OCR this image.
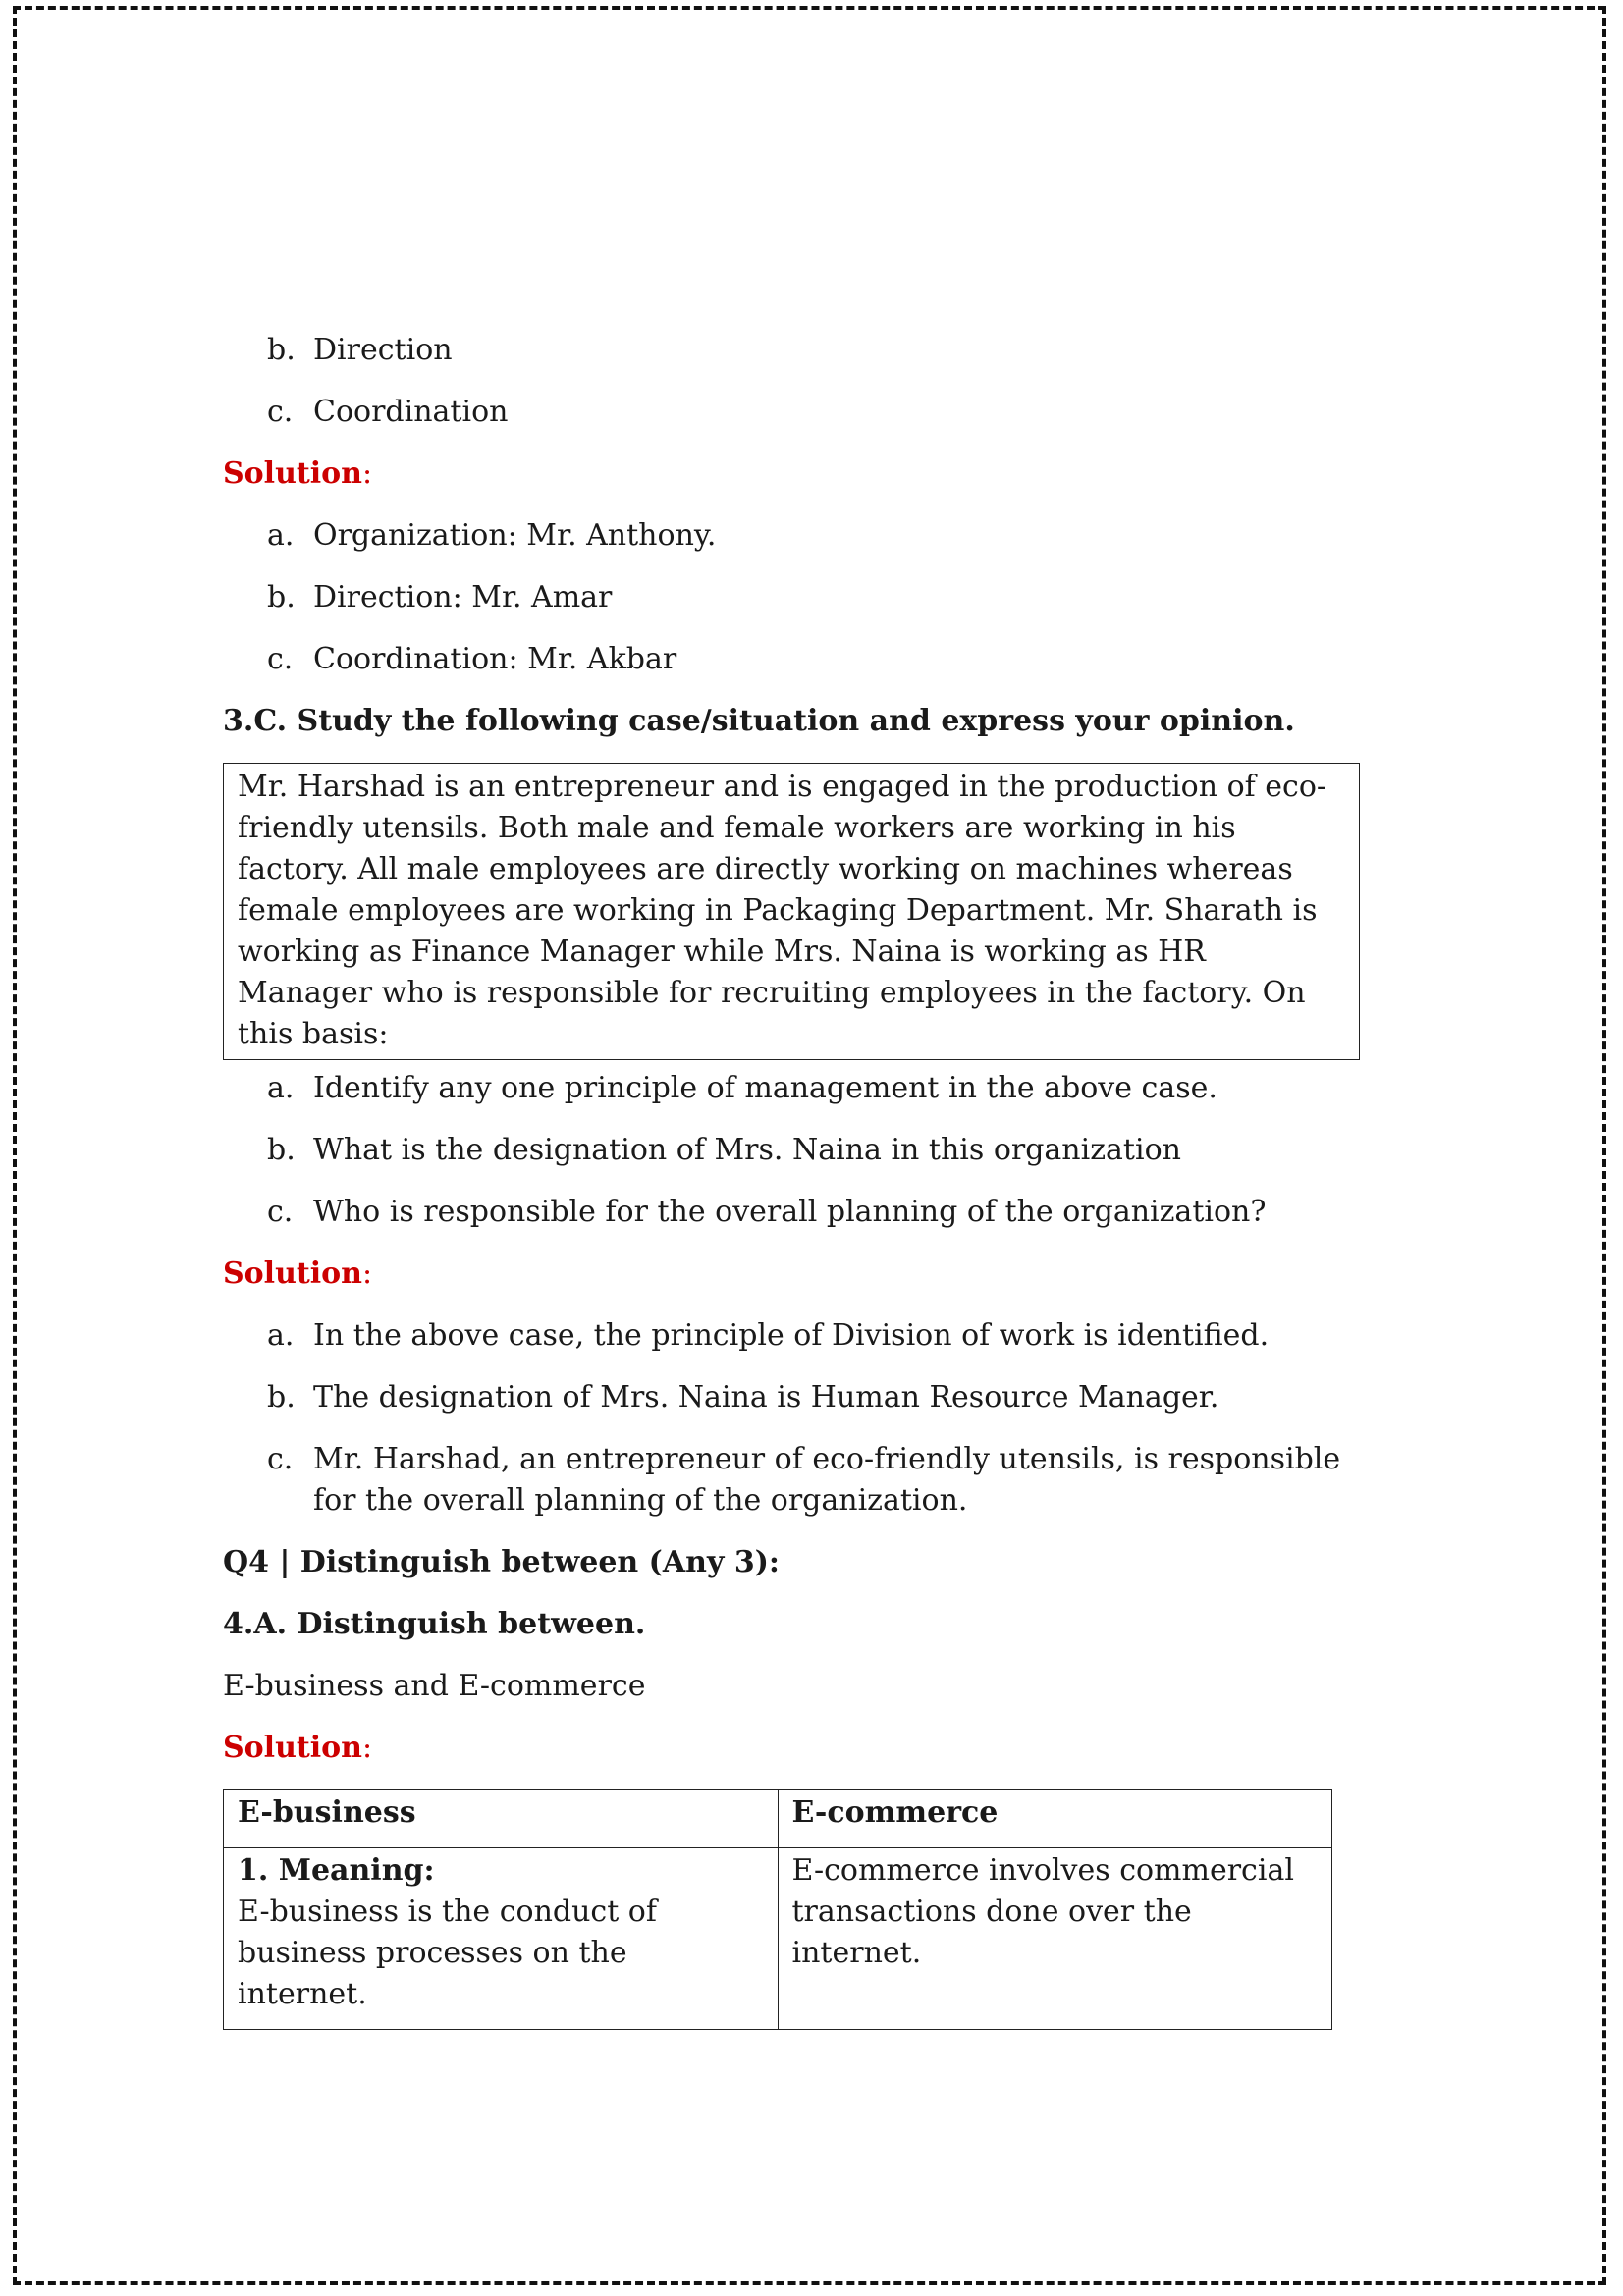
b. Direction
c. Coordination
Solution:
a. Organization: Mr. Anthony.
b. Direction: Mr. Amar
c. Coordination: Mr. Akbar
3.C. Study the following case/situation and express your opinion.
Mr. Harshad is an entrepreneur and is engaged in the production of eco-friendly utensils. Both male and female workers are working in his factory. All male employees are directly working on machines whereas female employees are working in Packaging Department. Mr. Sharath is working as Finance Manager while Mrs. Naina is working as HR Manager who is responsible for recruiting employees in the factory. On this basis:
a. Identify any one principle of management in the above case.
b. What is the designation of Mrs. Naina in this organization
c. Who is responsible for the overall planning of the organization?
Solution:
a. In the above case, the principle of Division of work is identified.
b. The designation of Mrs. Naina is Human Resource Manager.
c. Mr. Harshad, an entrepreneur of eco-friendly utensils, is responsible for the overall planning of the organization.
Q4 | Distinguish between (Any 3):
4.A. Distinguish between.
E-business and E-commerce
Solution:
E-business	E-commerce

1. Meaning:
E-business is the conduct of business processes on the internet.	E-commerce involves commercial transactions done over the internet.
